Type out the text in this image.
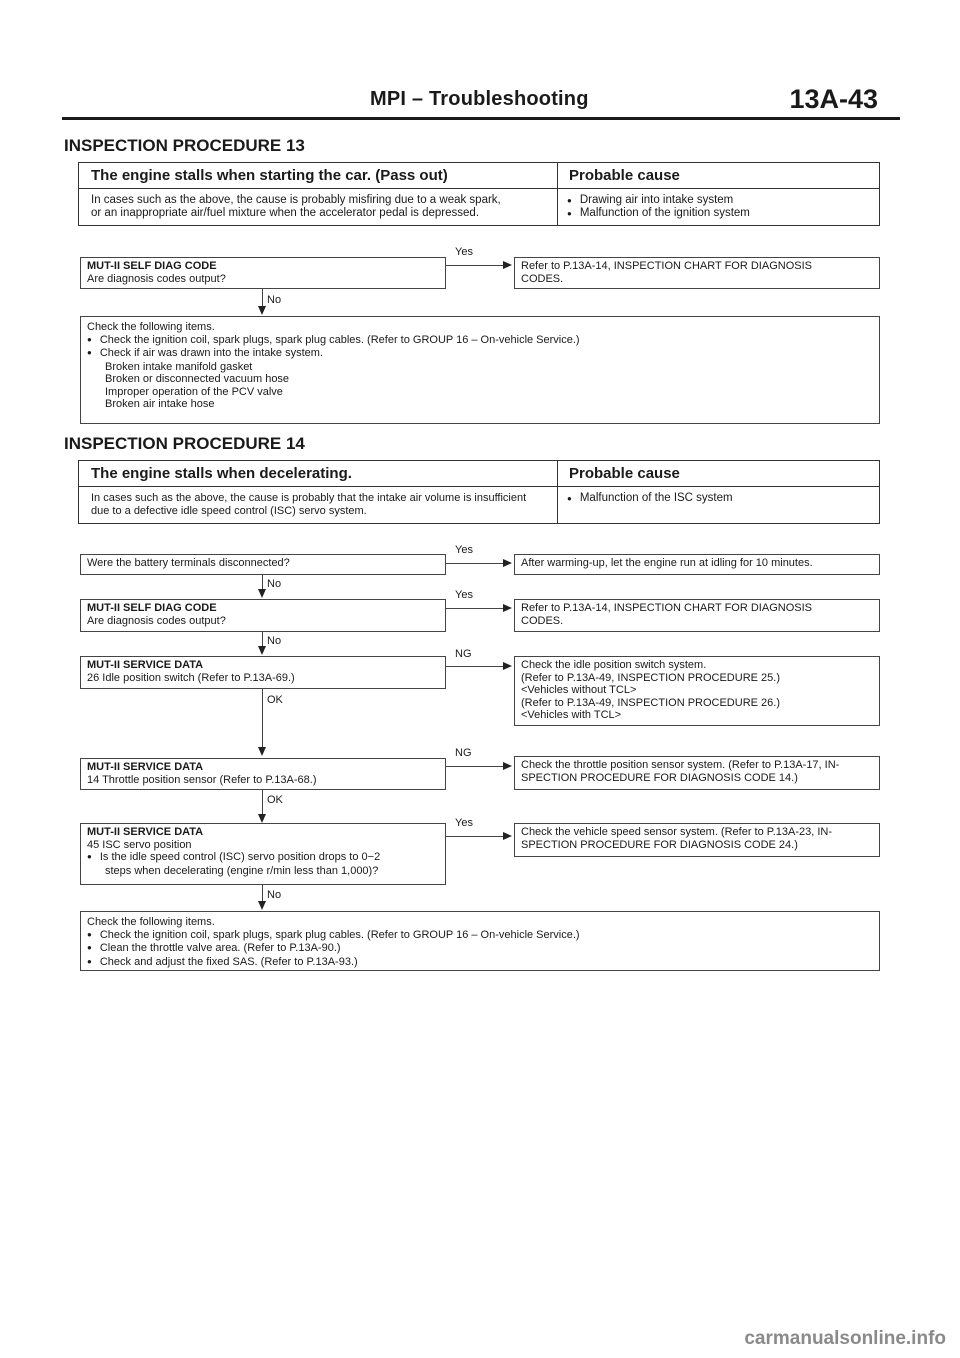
MPI – Troubleshooting	13A-43
INSPECTION PROCEDURE 13
The engine stalls when starting the car. (Pass out)	Probable cause
In cases such as the above, the cause is probably misfiring due to a weak spark,
or an inappropriate air/fuel mixture when the accelerator pedal is depressed.
● Drawing air into intake system
● Malfunction of the ignition system
MUT-II SELF DIAG CODE
Are diagnosis codes output?
Yes
Refer to P.13A-14, INSPECTION CHART FOR DIAGNOSIS
CODES.
No
Check the following items.
● Check the ignition coil, spark plugs, spark plug cables. (Refer to GROUP 16 – On-vehicle Service.)
● Check if air was drawn into the intake system.
Broken intake manifold gasket
Broken or disconnected vacuum hose
Improper operation of the PCV valve
Broken air intake hose
INSPECTION PROCEDURE 14
The engine stalls when decelerating.	Probable cause
In cases such as the above, the cause is probably that the intake air volume is insufficient
due to a defective idle speed control (ISC) servo system.
● Malfunction of the ISC system
Were the battery terminals disconnected?
Yes
After warming-up, let the engine run at idling for 10 minutes.
No
MUT-II SELF DIAG CODE
Are diagnosis codes output?
Yes
Refer to P.13A-14, INSPECTION CHART FOR DIAGNOSIS
CODES.
No
MUT-II SERVICE DATA
26 Idle position switch (Refer to P.13A-69.)
NG
Check the idle position switch system.
(Refer to P.13A-49, INSPECTION PROCEDURE 25.)
<Vehicles without TCL>
(Refer to P.13A-49, INSPECTION PROCEDURE 26.)
<Vehicles with TCL>
OK
MUT-II SERVICE DATA
14 Throttle position sensor (Refer to P.13A-68.)
NG
Check the throttle position sensor system. (Refer to P.13A-17, IN-
SPECTION PROCEDURE FOR DIAGNOSIS CODE 14.)
OK
MUT-II SERVICE DATA
45 ISC servo position
● Is the idle speed control (ISC) servo position drops to 0−2
steps when decelerating (engine r/min less than 1,000)?
Yes
Check the vehicle speed sensor system. (Refer to P.13A-23, IN-
SPECTION PROCEDURE FOR DIAGNOSIS CODE 24.)
No
Check the following items.
● Check the ignition coil, spark plugs, spark plug cables. (Refer to GROUP 16 – On-vehicle Service.)
● Clean the throttle valve area. (Refer to P.13A-90.)
● Check and adjust the fixed SAS. (Refer to P.13A-93.)
carmanualsonline.info
